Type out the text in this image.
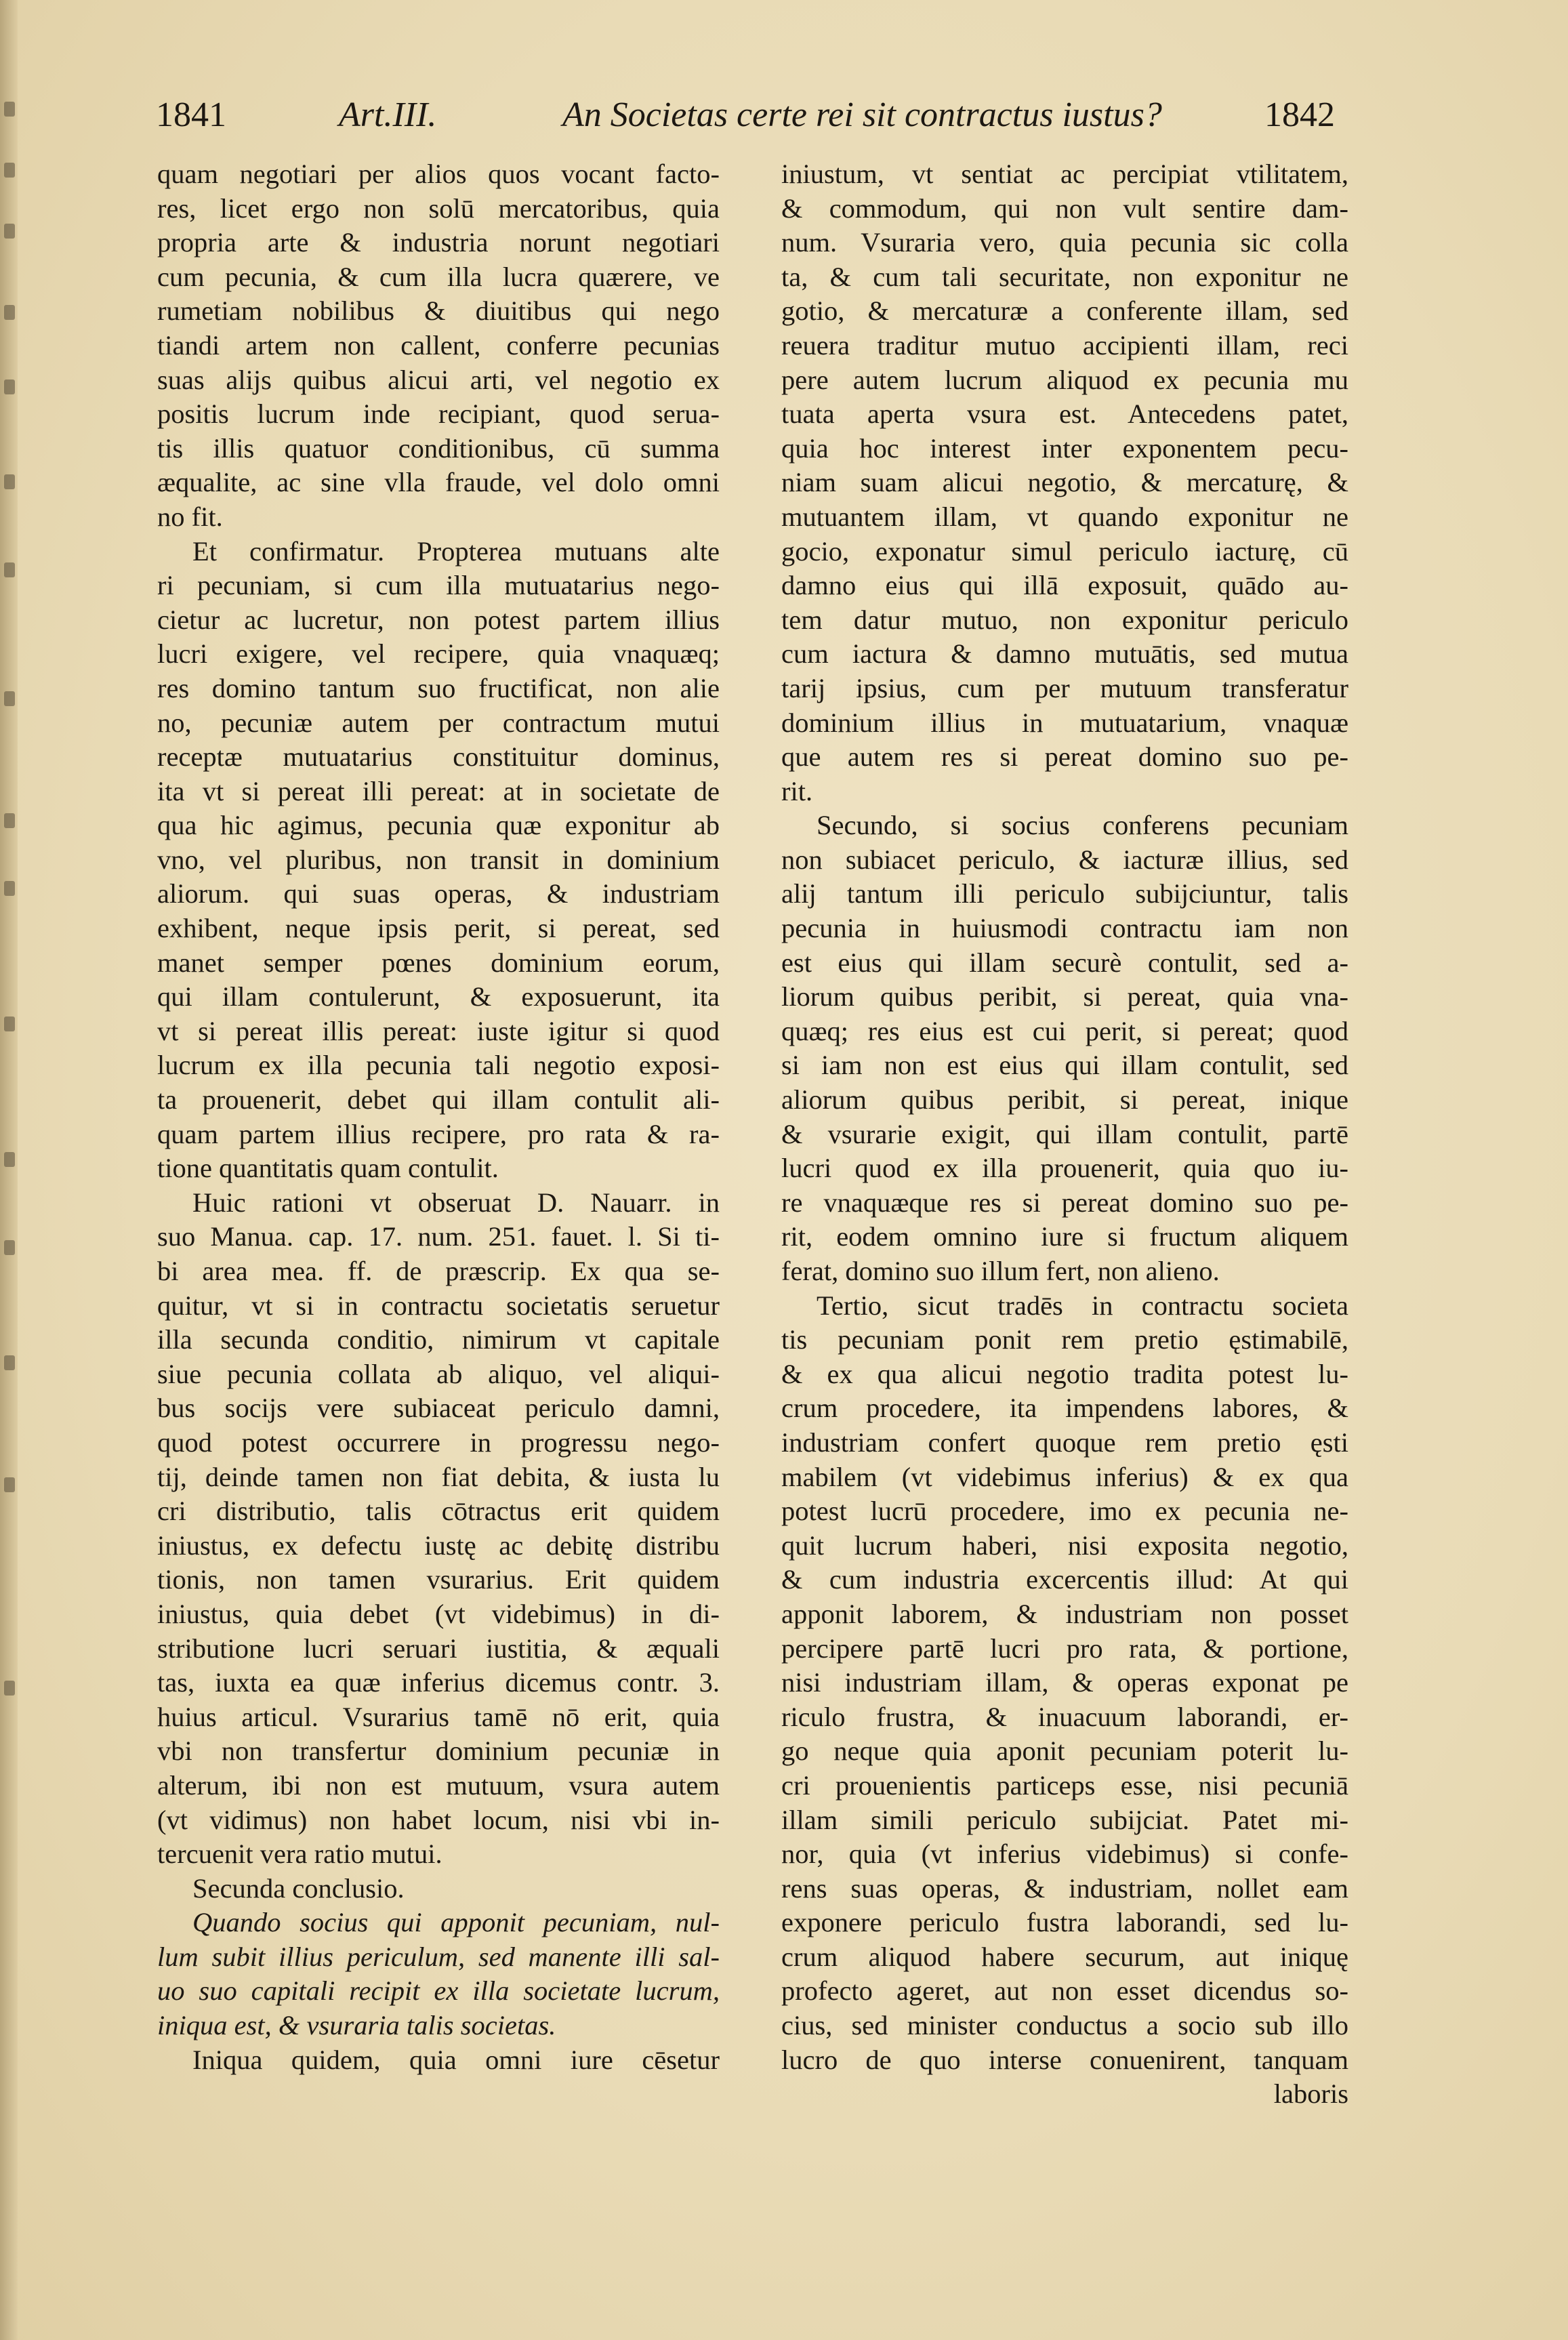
1841	Art.III.	An Societas certe rei sit contractus iustus?	1842
quam negotiari per alios quos vocant facto-
res, licet ergo non solū mercatoribus, quia
propria arte & industria norunt negotiari
cum pecunia, & cum illa lucra quærere, ve
rumetiam nobilibus & diuitibus qui nego
tiandi artem non callent, conferre pecunias
suas alijs quibus alicui arti, vel negotio ex
positis lucrum inde recipiant, quod serua-
tis illis quatuor conditionibus, cū summa
æqualite, ac sine vlla fraude, vel dolo omni
no fit.
Et confirmatur. Propterea mutuans alte
ri pecuniam, si cum illa mutuatarius nego-
cietur ac lucretur, non potest partem illius
lucri exigere, vel recipere, quia vnaquæq;
res domino tantum suo fructificat, non alie
no, pecuniæ autem per contractum mutui
receptæ mutuatarius constituitur dominus,
ita vt si pereat illi pereat: at in societate de
qua hic agimus, pecunia quæ exponitur ab
vno, vel pluribus, non transit in dominium
aliorum. qui suas operas, & industriam
exhibent, neque ipsis perit, si pereat, sed
manet semper pœnes dominium eorum,
qui illam contulerunt, & exposuerunt, ita
vt si pereat illis pereat: iuste igitur si quod
lucrum ex illa pecunia tali negotio exposi-
ta prouenerit, debet qui illam contulit ali-
quam partem illius recipere, pro rata & ra-
tione quantitatis quam contulit.
Huic rationi vt obseruat D. Nauarr. in
suo Manua. cap. 17. num. 251. fauet. l. Si ti-
bi area mea. ff. de præscrip. Ex qua se-
quitur, vt si in contractu societatis seruetur
illa secunda conditio, nimirum vt capitale
siue pecunia collata ab aliquo, vel aliqui-
bus socijs vere subiaceat periculo damni,
quod potest occurrere in progressu nego-
tij, deinde tamen non fiat debita, & iusta lu
cri distributio, talis cōtractus erit quidem
iniustus, ex defectu iustę ac debitę distribu
tionis, non tamen vsurarius. Erit quidem
iniustus, quia debet (vt videbimus) in di-
stributione lucri seruari iustitia, & æquali
tas, iuxta ea quæ inferius dicemus contr. 3.
huius articul. Vsurarius tamē nō erit, quia
vbi non transfertur dominium pecuniæ in
alterum, ibi non est mutuum, vsura autem
(vt vidimus) non habet locum, nisi vbi in-
tercuenit vera ratio mutui.
Secunda conclusio.
Quando socius qui apponit pecuniam, nul-
lum subit illius periculum, sed manente illi sal-
uo suo capitali recipit ex illa societate lucrum,
iniqua est, & vsuraria talis societas.
Iniqua quidem, quia omni iure cēsetur
iniustum, vt sentiat ac percipiat vtilitatem,
& commodum, qui non vult sentire dam-
num. Vsuraria vero, quia pecunia sic colla
ta, & cum tali securitate, non exponitur ne
gotio, & mercaturæ a conferente illam, sed
reuera traditur mutuo accipienti illam, reci
pere autem lucrum aliquod ex pecunia mu
tuata aperta vsura est. Antecedens patet,
quia hoc interest inter exponentem pecu-
niam suam alicui negotio, & mercaturę, &
mutuantem illam, vt quando exponitur ne
gocio, exponatur simul periculo iacturę, cū
damno eius qui illā exposuit, quādo au-
tem datur mutuo, non exponitur periculo
cum iactura & damno mutuātis, sed mutua
tarij ipsius, cum per mutuum transferatur
dominium illius in mutuatarium, vnaquæ
que autem res si pereat domino suo pe-
rit.
Secundo, si socius conferens pecuniam
non subiacet periculo, & iacturæ illius, sed
alij tantum illi periculo subijciuntur, talis
pecunia in huiusmodi contractu iam non
est eius qui illam securè contulit, sed a-
liorum quibus peribit, si pereat, quia vna-
quæq; res eius est cui perit, si pereat; quod
si iam non est eius qui illam contulit, sed
aliorum quibus peribit, si pereat, inique
& vsurarie exigit, qui illam contulit, partē
lucri quod ex illa prouenerit, quia quo iu-
re vnaquæque res si pereat domino suo pe-
rit, eodem omnino iure si fructum aliquem
ferat, domino suo illum fert, non alieno.
Tertio, sicut tradēs in contractu societa
tis pecuniam ponit rem pretio ęstimabilē,
& ex qua alicui negotio tradita potest lu-
crum procedere, ita impendens labores, &
industriam confert quoque rem pretio ęsti
mabilem (vt videbimus inferius) & ex qua
potest lucrū procedere, imo ex pecunia ne-
quit lucrum haberi, nisi exposita negotio,
& cum industria excercentis illud: At qui
apponit laborem, & industriam non posset
percipere partē lucri pro rata, & portione,
nisi industriam illam, & operas exponat pe
riculo frustra, & inuacuum laborandi, er-
go neque quia aponit pecuniam poterit lu-
cri prouenientis particeps esse, nisi pecuniā
illam simili periculo subijciat. Patet mi-
nor, quia (vt inferius videbimus) si confe-
rens suas operas, & industriam, nollet eam
exponere periculo fustra laborandi, sed lu-
crum aliquod habere securum, aut iniquę
profecto ageret, aut non esset dicendus so-
cius, sed minister conductus a socio sub illo
lucro de quo interse conuenirent, tanquam
laboris
